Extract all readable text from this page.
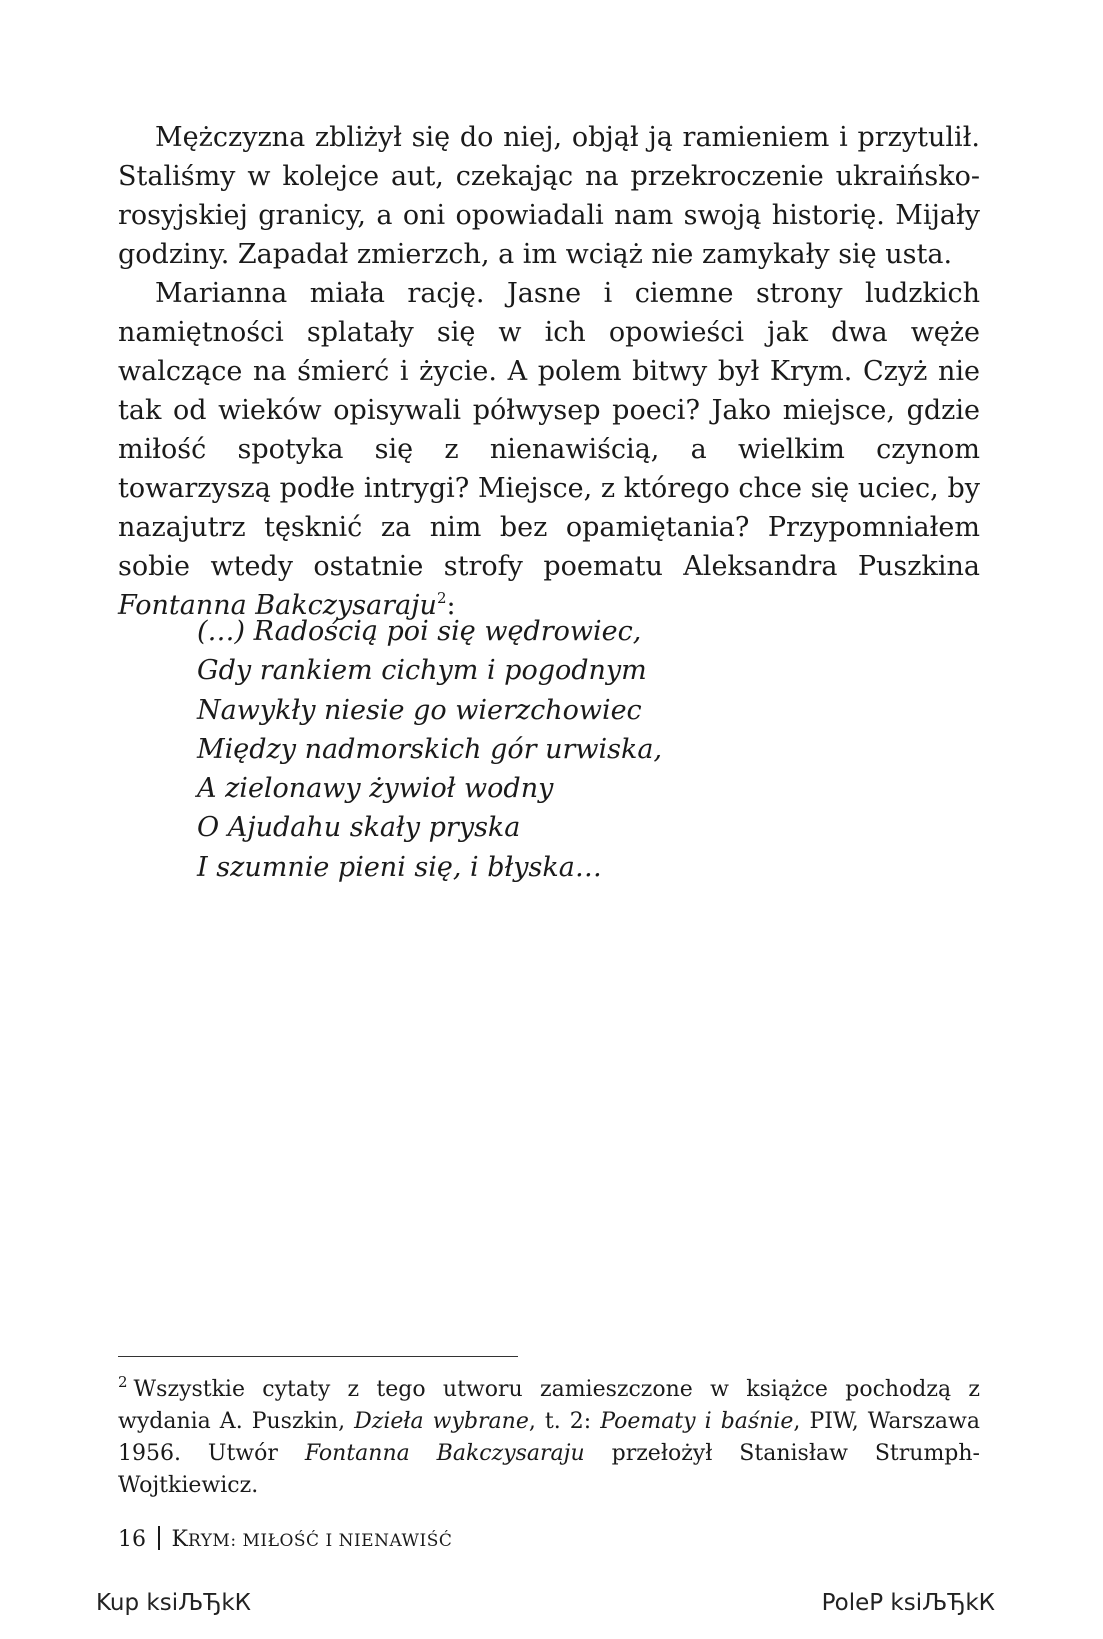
Mężczyzna zbliżył się do niej, objął ją ramieniem i przytulił. Staliśmy w kolejce aut, czekając na przekroczenie ukraińsko-rosyjskiej granicy, a oni opowiadali nam swoją historię. Mijały godziny. Zapadał zmierzch, a im wciąż nie zamykały się usta.

Marianna miała rację. Jasne i ciemne strony ludzkich namiętności splatały się w ich opowieści jak dwa węże walczące na śmierć i życie. A polem bitwy był Krym. Czyż nie tak od wieków opisywali półwysep poeci? Jako miejsce, gdzie miłość spotyka się z nienawiścią, a wielkim czynom towarzyszą podłe intrygi? Miejsce, z którego chce się uciec, by nazajutrz tęsknić za nim bez opamiętania? Przypomniałem sobie wtedy ostatnie strofy poematu Aleksandra Puszkina Fontanna Bakczysaraju$^2$:

(…) Radością poi się wędrowiec,
Gdy rankiem cichym i pogodnym
Nawykły niesie go wierzchowiec
Między nadmorskich gór urwiska,
A zielonawy żywioł wodny
O Ajudahu skały pryska
I szumnie pieni się, i błyska…
$^2$ Wszystkie cytaty z tego utworu zamieszczone w książce pochodzą z wydania A. Puszkin, Dzieła wybrane, t. 2: Poematy i baśnie, PIW, Warszawa 1956. Utwór Fontanna Bakczysaraju przełożył Stanisław Strumph-Wojtkiewicz.
16 KRYM: MIŁOŚĆ I NIENAWIŚĆ
Kup ksiЉЂkК	PoleР ksiЉЂkК
